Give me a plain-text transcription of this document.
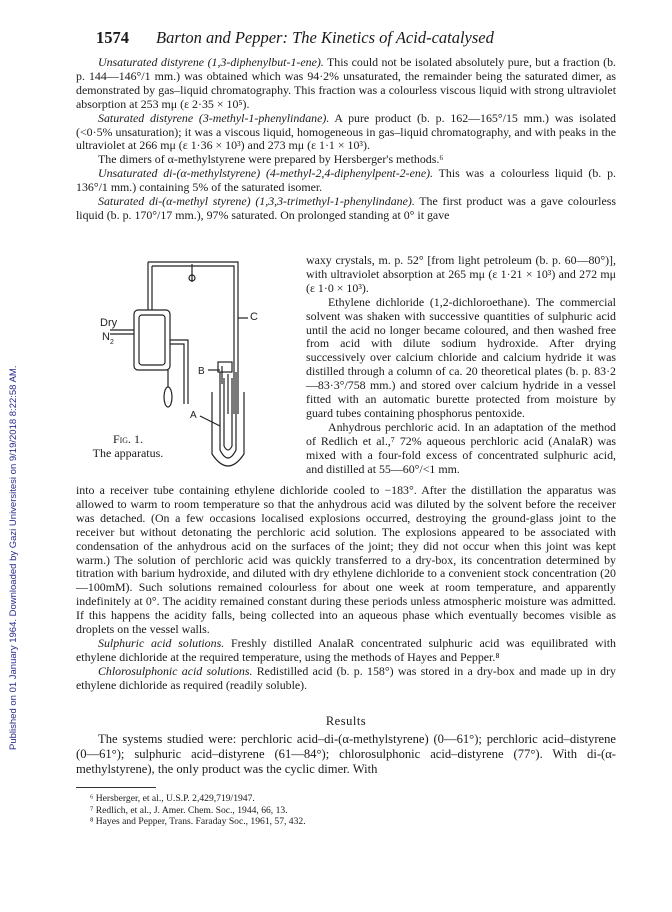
Published on 01 January 1964. Downloaded by Gazi Universitesi on 9/19/2018 8:22:58 AM.
1574 Barton and Pepper: The Kinetics of Acid-catalysed

Unsaturated distyrene (1,3-diphenylbut-1-ene). This could not be isolated absolutely pure, but a fraction (b. p. 144—146°/1 mm.) was obtained which was 94·2% unsaturated, the remainder being the saturated dimer, as demonstrated by gas–liquid chromatography. This fraction was a colourless viscous liquid with strong ultraviolet absorption at 253 mμ (ε 2·35 × 10⁵).

Saturated distyrene (3-methyl-1-phenylindane). A pure product (b. p. 162—165°/15 mm.) was isolated (<0·5% unsaturation); it was a viscous liquid, homogeneous in gas–liquid chromatography, and with peaks in the ultraviolet at 266 mμ (ε 1·36 × 10³) and 273 mμ (ε 1·1 × 10³).

The dimers of α-methylstyrene were prepared by Hersberger's methods.⁶

Unsaturated di-(α-methylstyrene) (4-methyl-2,4-diphenylpent-2-ene). This was a colourless liquid (b. p. 136°/1 mm.) containing 5% of the saturated isomer.

Saturated di-(α-methyl styrene) (1,3,3-trimethyl-1-phenylindane). The first product was a gave colourless liquid (b. p. 170°/17 mm.), 97% saturated. On prolonged standing at 0° it gave

waxy crystals, m. p. 52° [from light petroleum (b. p. 60—80°)], with ultraviolet absorption at 265 mμ (ε 1·21 × 10³) and 272 mμ (ε 1·0 × 10³).

Ethylene dichloride (1,2-dichloroethane). The commercial solvent was shaken with successive quantities of sulphuric acid until the acid no longer became coloured, and then washed free from acid with dilute sodium hydroxide. After drying successively over calcium chloride and calcium hydride it was distilled through a column of ca. 20 theoretical plates (b. p. 83·2—83·3°/758 mm.) and stored over calcium hydride in a vessel fitted with an automatic burette protected from moisture by guard tubes containing phosphorus pentoxide.

Anhydrous perchloric acid. In an adaptation of the method of Redlich et al.,⁷ 72% aqueous perchloric acid (AnalaR) was mixed with a four-fold excess of concentrated sulphuric acid, and distilled at 55—60°/<1 mm.

Dry
N 2
C
B
A
Fig. 1.
The apparatus.

into a receiver tube containing ethylene dichloride cooled to −183°. After the distillation the apparatus was allowed to warm to room temperature so that the anhydrous acid was diluted by the solvent before the receiver was detached. (On a few occasions localised explosions occurred, destroying the ground-glass joint to the receiver but without detonating the perchloric acid solution. The explosions appeared to be associated with condensation of the anhydrous acid on the surfaces of the joint; they did not occur when this joint was kept warm.) The solution of perchloric acid was quickly transferred to a dry-box, its concentration determined by titration with barium hydroxide, and diluted with dry ethylene dichloride to a convenient stock concentration (20—100mM). Such solutions remained colourless for about one week at room temperature, and apparently indefinitely at 0°. The acidity remained constant during these periods unless atmospheric moisture was admitted. If this happens the acidity falls, being collected into an aqueous phase which eventually becomes visible as droplets on the vessel walls.

Sulphuric acid solutions. Freshly distilled AnalaR concentrated sulphuric acid was equilibrated with ethylene dichloride at the required temperature, using the methods of Hayes and Pepper.⁸

Chlorosulphonic acid solutions. Redistilled acid (b. p. 158°) was stored in a dry-box and made up in dry ethylene dichloride as required (readily soluble).

Results

The systems studied were: perchloric acid–di-(α-methylstyrene) (0—61°); perchloric acid–distyrene (0—61°); sulphuric acid–distyrene (61—84°); chlorosulphonic acid–distyrene (77°). With di-(α-methylstyrene), the only product was the cyclic dimer. With

⁶ Hersberger, et al., U.S.P. 2,429,719/1947.
⁷ Redlich, et al., J. Amer. Chem. Soc., 1944, 66, 13.
⁸ Hayes and Pepper, Trans. Faraday Soc., 1961, 57, 432.
